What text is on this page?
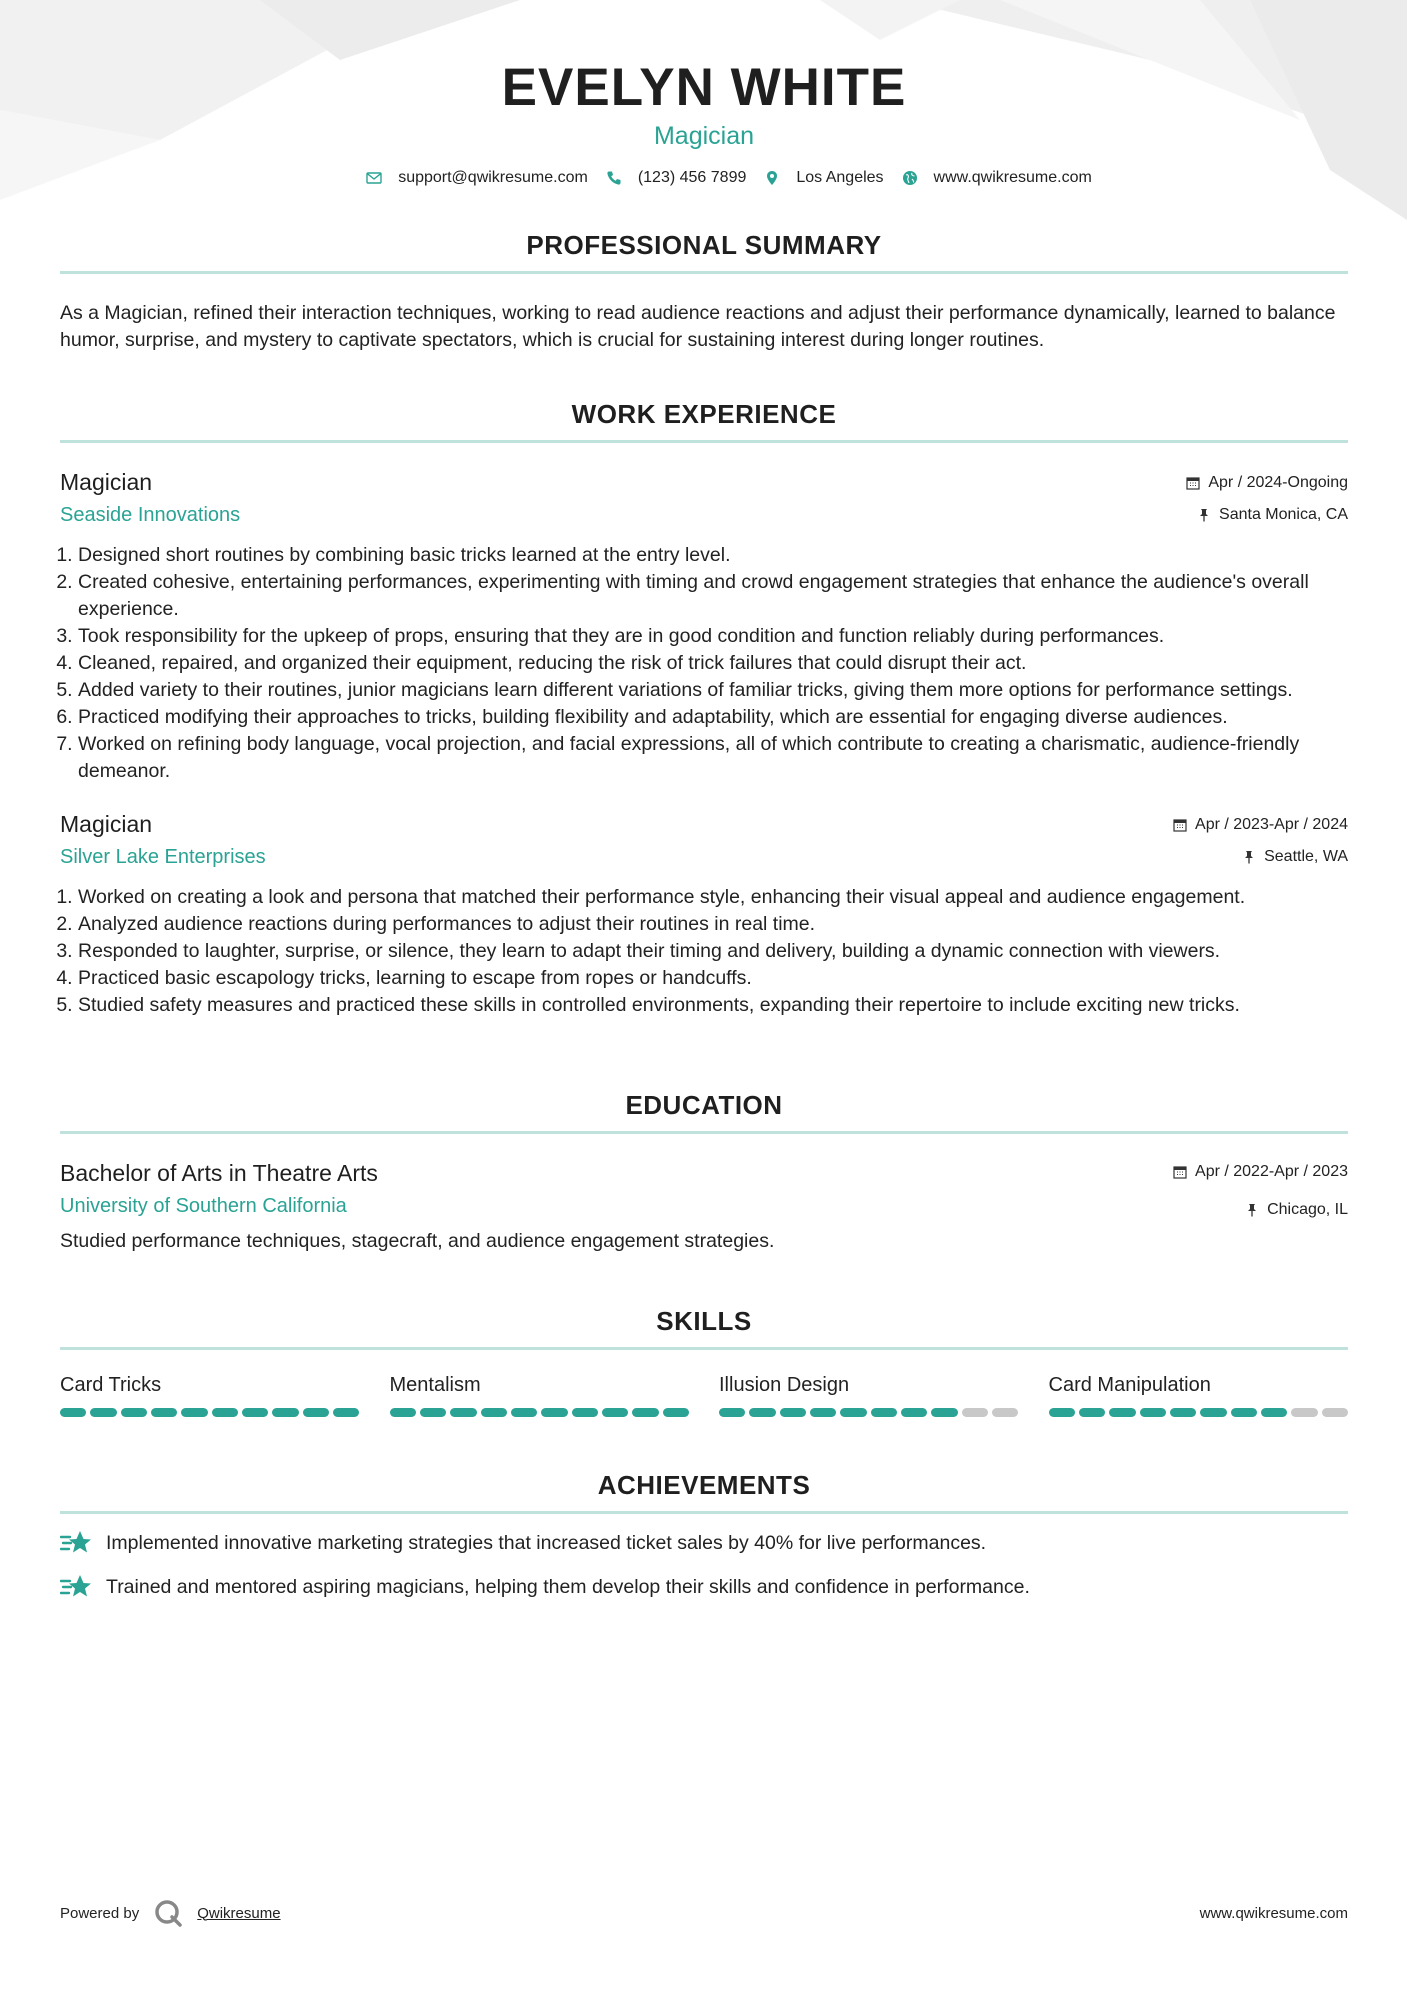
EVELYN WHITE
Magician
support@qwikresume.com	(123) 456 7899	Los Angeles	www.qwikresume.com
PROFESSIONAL SUMMARY
As a Magician, refined their interaction techniques, working to read audience reactions and adjust their performance dynamically, learned to balance humor, surprise, and mystery to captivate spectators, which is crucial for sustaining interest during longer routines.
WORK EXPERIENCE
Magician
Seaside Innovations
Apr / 2024-Ongoing
Santa Monica, CA
1. Designed short routines by combining basic tricks learned at the entry level.
2. Created cohesive, entertaining performances, experimenting with timing and crowd engagement strategies that enhance the audience's overall experience.
3. Took responsibility for the upkeep of props, ensuring that they are in good condition and function reliably during performances.
4. Cleaned, repaired, and organized their equipment, reducing the risk of trick failures that could disrupt their act.
5. Added variety to their routines, junior magicians learn different variations of familiar tricks, giving them more options for performance settings.
6. Practiced modifying their approaches to tricks, building flexibility and adaptability, which are essential for engaging diverse audiences.
7. Worked on refining body language, vocal projection, and facial expressions, all of which contribute to creating a charismatic, audience-friendly demeanor.
Magician
Silver Lake Enterprises
Apr / 2023-Apr / 2024
Seattle, WA
1. Worked on creating a look and persona that matched their performance style, enhancing their visual appeal and audience engagement.
2. Analyzed audience reactions during performances to adjust their routines in real time.
3. Responded to laughter, surprise, or silence, they learn to adapt their timing and delivery, building a dynamic connection with viewers.
4. Practiced basic escapology tricks, learning to escape from ropes or handcuffs.
5. Studied safety measures and practiced these skills in controlled environments, expanding their repertoire to include exciting new tricks.
EDUCATION
Bachelor of Arts in Theatre Arts
University of Southern California
Apr / 2022-Apr / 2023
Chicago, IL
Studied performance techniques, stagecraft, and audience engagement strategies.
SKILLS
Card Tricks	Mentalism	Illusion Design	Card Manipulation
ACHIEVEMENTS
Implemented innovative marketing strategies that increased ticket sales by 40% for live performances.
Trained and mentored aspiring magicians, helping them develop their skills and confidence in performance.
Powered by	Qwikresume	www.qwikresume.com
